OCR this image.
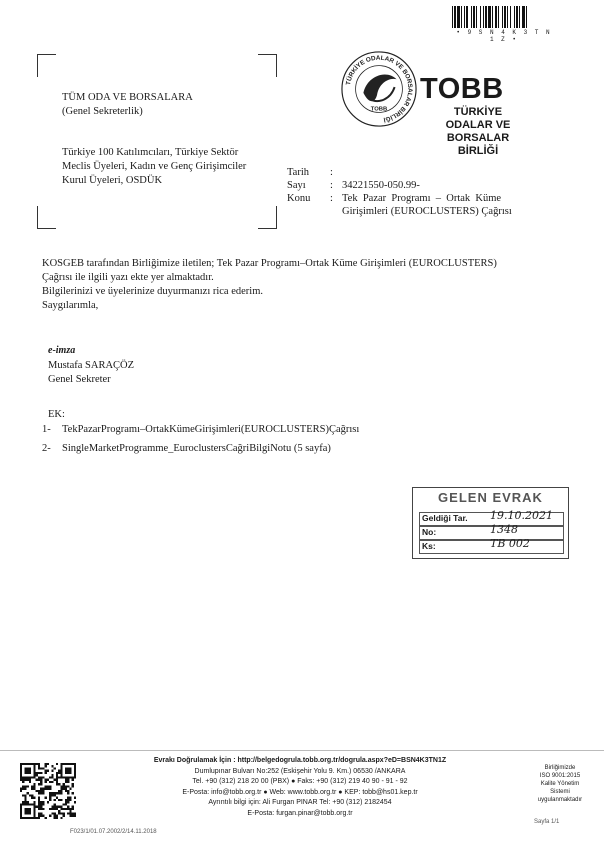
• 9 S N 4 K 3 T N 1 Z •
TÜM ODA VE BORSALARA
(Genel Sekreterlik)
Türkiye 100 Katılımcıları, Türkiye Sektör
Meclis Üyeleri, Kadın ve Genç Girişimciler
Kurul Üyeleri, OSDÜK
TÜRKİYE ODALAR VE BORSALAR BİRLİĞİ
TOBB
TOBB
TÜRKİYE
ODALAR VE BORSALAR
BİRLİĞİ
Tarih :
Sayı : 34221550-050.99-
Konu : Tek  Pazar  Programı  –  Ortak  Küme
Girişimleri (EUROCLUSTERS) Çağrısı
KOSGEB tarafından Birliğimize iletilen; Tek Pazar Programı–Ortak Küme Girişimleri (EUROCLUSTERS)
Çağrısı ile ilgili yazı ekte yer almaktadır.
Bilgilerinizi ve üyelerinize duyurmanızı rica ederim.
Saygılarımla,
e-imza
Mustafa SARAÇÖZ
Genel Sekreter
EK:
1- TekPazarProgramı–OrtakKümeGirişimleri(EUROCLUSTERS)Çağrısı
2- SingleMarketProgramme_EuroclustersCağriBilgiNotu (5 sayfa)
GELEN EVRAK
Geldiği Tar. 19.10.2021
No:	1348
Ks:	TB 002
Evrakı Doğrulamak İçin : http://belgedogrula.tobb.org.tr/dogrula.aspx?eD=BSN4K3TN1Z
Dumlupınar Bulvarı No:252 (Eskişehir Yolu 9. Km.) 06530 /ANKARA
Tel. +90 (312) 218 20 00 (PBX) ● Faks: +90 (312) 219 40 90 - 91 - 92
E-Posta: info@tobb.org.tr ● Web: www.tobb.org.tr ● KEP: tobb@hs01.kep.tr
Ayrıntılı bilgi için: Ali Furgan PINAR Tel: +90 (312) 2182454
E-Posta: furgan.pinar@tobb.org.tr
Birliğimizde
ISO 9001:2015
Kalite Yönetim
Sistemi
uygulanmaktadır
F023/1/01.07.2002/2/14.11.2018
Sayfa 1/1
